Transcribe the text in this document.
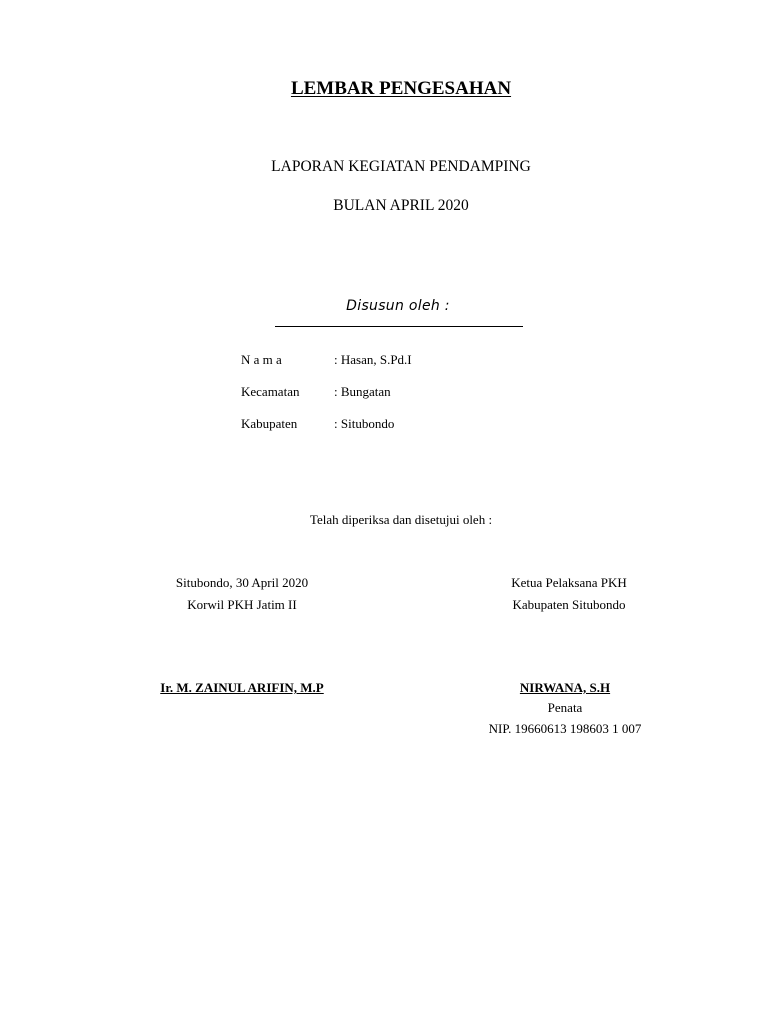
LEMBAR PENGESAHAN
LAPORAN KEGIATAN PENDAMPING
BULAN APRIL 2020
Disusun oleh :
N a m a	: Hasan, S.Pd.I
Kecamatan	: Bungatan
Kabupaten	: Situbondo
Telah diperiksa dan disetujui oleh :
Situbondo, 30 April 2020
Korwil PKH Jatim II
Ir. M. ZAINUL ARIFIN, M.P
Ketua Pelaksana PKH
Kabupaten Situbondo
NIRWANA, S.H
Penata
NIP. 19660613 198603 1 007
